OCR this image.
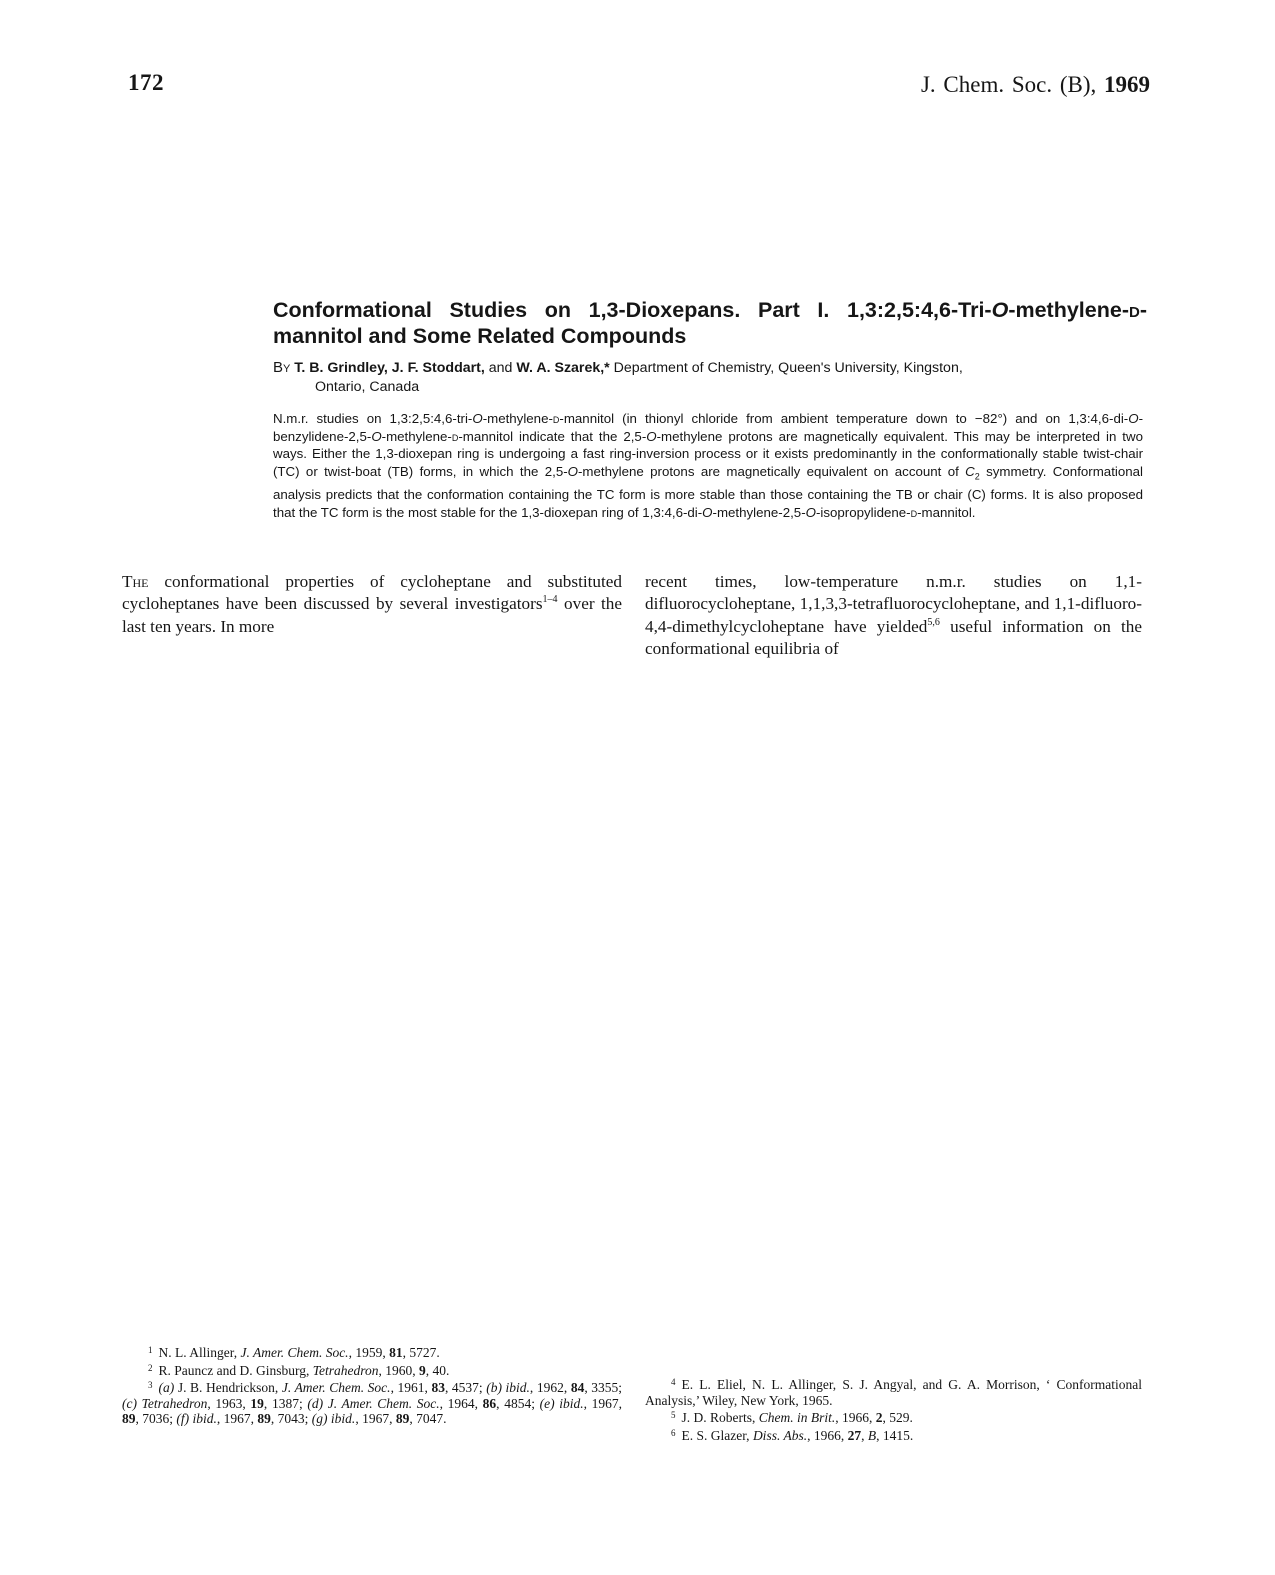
172	J. Chem. Soc. (B), 1969
Conformational Studies on 1,3-Dioxepans. Part I. 1,3:2,5:4,6-Tri-O-methylene-d-mannitol and Some Related Compounds
By T. B. Grindley, J. F. Stoddart, and W. A. Szarek,* Department of Chemistry, Queen's University, Kingston,
Ontario, Canada

N.m.r. studies on 1,3:2,5:4,6-tri-O-methylene-d-mannitol (in thionyl chloride from ambient temperature down to −82°) and on 1,3:4,6-di-O-benzylidene-2,5-O-methylene-d-mannitol indicate that the 2,5-O-methylene protons are magnetically equivalent. This may be interpreted in two ways. Either the 1,3-dioxepan ring is undergoing a fast ring-inversion process or it exists predominantly in the conformationally stable twist-chair (TC) or twist-boat (TB) forms, in which the 2,5-O-methylene protons are magnetically equivalent on account of $C_2$ symmetry. Conformational analysis predicts that the conformation containing the TC form is more stable than those containing the TB or chair (C) forms. It is also proposed that the TC form is the most stable for the 1,3-dioxepan ring of 1,3:4,6-di-O-methylene-2,5-O-isopropylidene-d-mannitol.

The conformational properties of cycloheptane and substituted cycloheptanes have been discussed by several investigators$^{1-4}$ over the last ten years. In more

recent times, low-temperature n.m.r. studies on 1,1-difluorocycloheptane, 1,1,3,3-tetrafluorocycloheptane, and 1,1-difluoro-4,4-dimethylcycloheptane have yielded$^{5,6}$ useful information on the conformational equilibria of

$^1$ N. L. Allinger, J. Amer. Chem. Soc., 1959, 81, 5727.
$^2$ R. Pauncz and D. Ginsburg, Tetrahedron, 1960, 9, 40.
$^3$ (a) J. B. Hendrickson, J. Amer. Chem. Soc., 1961, 83, 4537; (b) ibid., 1962, 84, 3355; (c) Tetrahedron, 1963, 19, 1387; (d) J. Amer. Chem. Soc., 1964, 86, 4854; (e) ibid., 1967, 89, 7036; (f) ibid., 1967, 89, 7043; (g) ibid., 1967, 89, 7047.
$^4$ E. L. Eliel, N. L. Allinger, S. J. Angyal, and G. A. Morrison, ‘ Conformational Analysis,’ Wiley, New York, 1965.
$^5$ J. D. Roberts, Chem. in Brit., 1966, 2, 529.
$^6$ E. S. Glazer, Diss. Abs., 1966, 27, B, 1415.
